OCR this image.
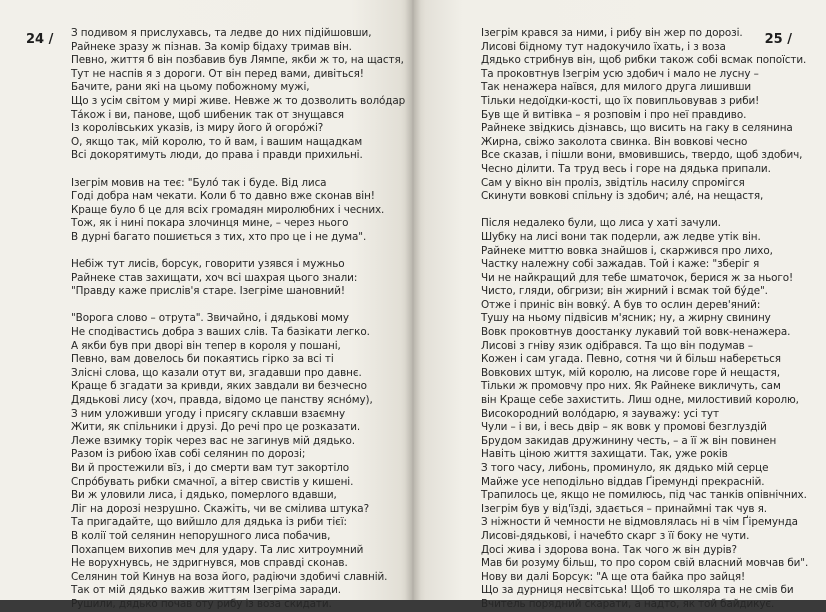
24 / З подивом я прислухавсь, та ледве до них підійшовши,
Райнеке зразу ж пізнав. За комір бідаху тримав він.
Певно, життя б він позбавив був Лямпе, якби ж то, на щастя,
Тут не наспів я з дороги. От він перед вами, дивіться!
Бачите, рани які на цьому побожному мужі,
Що з усім світом у мирі живе. Невже ж то дозволить воло́дар
Та́кож і ви, панове, щоб шибеник так от знущався
Із королівських указів, із миру його й огоро́жі?
О, якщо так, мій королю, то й вам, і вашим нащадкам
Всі докорятимуть люди, до права і правди прихильні.
Ізегрім мовив на теє: "Було́ так і буде. Від лиса
Годі добра нам чекати. Коли б то давно вже сконав він!
Краще було б це для всіх громадян миролюбних і чесних.
Тож, як і нині покара злочинця мине, – через нього
В дурні багато пошиється з тих, хто про це і не дума".
Небіж тут лисів, борсук, говорити узявся і мужньо
Райнеке став захищати, хоч всі шахрая цього знали:
"Правду каже прислів'я старе. Ізегріме шановний!
"Ворога слово – отрута". Звичайно, і дядькові мому
Не сподівастись добра з ваших слів. Та базікати легко.
А якби був при дворі він тепер в короля у пошані,
Певно, вам довелось би покаятись гірко за всі ті
Злісні слова, що казали отут ви, згадавши про давнє.
Краще б згадати за кривди, яких завдали ви безчесно
Дядькові лису (хоч, правда, відомо це панству ясно́му),
З ним уложивши угоду і присягу склавши взаємну
Жити, як спільники і друзі. До речі про це розказати.
Леже взимку торік через вас не загинув мій дядько.
Разом із рибою їхав собі селянин по дорозі;
Ви й простежили вїз, і до смерти вам тут закортіло
Спро́бувать рибки смачної, а вітер свистів у кишені.
Ви ж уловили лиса, і дядько, померлого вдавши,
Ліг на дорозі незрушно. Скажіть, чи ве смілива штука?
Та пригадайте, що вийшло для дядька із риби тієї:
В колії той селянин непорушного лиса побачив,
Похапцем вихопив меч для удару. Та лис хитроумний
Не ворухнувсь, не здригнувся, мов справді сконав.
Селянин той Кинув на воза його, радіючи здобичі славній.
Так от мій дядько важив життям Ізегріма заради.
Рушили, дядько почав оту рибу із воза скидати.
25 /
Ізегрім крався за ними, і рибу він жер по дорозі.
Лисові бідному тут надокучило їхать, і з воза
Дядько стрибнув він, щоб рибки також собі всмак попоїсти.
Та проковтнув Ізегрім усю здобич і мало не лусну –
Так ненажера наївся, для милого друга лишивши
Тільки недоїдки-кості, що їх повипльовував з риби!
Був ще й витівка – я розповім і про неї правдиво.
Райнеке звідкись дізнавсь, що висить на гаку в селянина
Жирна, свіжо заколота свинка. Він вовкові чесно
Все сказав, і пішли вони, вмовившись, твердо, щоб здобич,
Чесно ділити. Та труд весь і горе на дядька припали.
Сам у вікно він проліз, звідтіль насилу спромігся
Скинути вовкові спільну із здобич; але́, на нещастя,
Після недалеко були, що лиса у хаті зачули.
Шубку на лисі вони так подерли, аж ледве утік він.
Райнеке миттю вовка знайшов і, скаржився про лихо,
Частку належну собі зажадав. Той і каже: "зберіг я
Чи не найкращий для тебе шматочок, берися ж за нього!
Чисто, гляди, обгризи; він жирний і всмак той бу́де".
Отже і приніс він вовку́. А був то ослин дерев'яний:
Тушу на ньому підвісив м'ясник; ну, а жирну свинину
Вовк проковтнув доостанку лукавий той вовк-ненажера.
Лисові з гніву язик одібрався. Та що він подумав –
Кожен і сам угада. Певно, сотня чи й більш наберється
Вовкових штук, мій королю, на лисове горе й нещастя,
Тільки ж промовчу про них. Як Райнеке викличуть, сам
він Краще себе захистить. Лиш одне, милостивий королю,
Високородний воло́дарю, я зауважу: усі тут
Чули – і ви, і весь двір – як вовк у промові безглуздій
Брудом закидав дружинину честь, – а її ж він повинен
Навіть ціною життя захищати. Так, уже років
З того часу, либонь, проминуло, як дядько мій серце
Майже усе неподільно віддав Ґіремунді прекрасній.
Трапилось це, якщо не помилюсь, під час танків опівнічних.
Ізегрім був у від'їзді, здається – принаймні так чув я.
З ніжности й чемности не відмовлялась ні в чім Ґіремунда
Лисові-дядькові, і начебто скарг з її боку не чути.
Досі жива і здорова вона. Так чого ж він дурів?
Мав би розуму більш, то про сором свій власний мовчав би".
Нову ви далі Борсук: "А ще ота байка про зайця!
Що за дурниця несвітська! Щоб то школяра та не смів би
Вчитель порядний скарати, а надто, як той байдикує.
